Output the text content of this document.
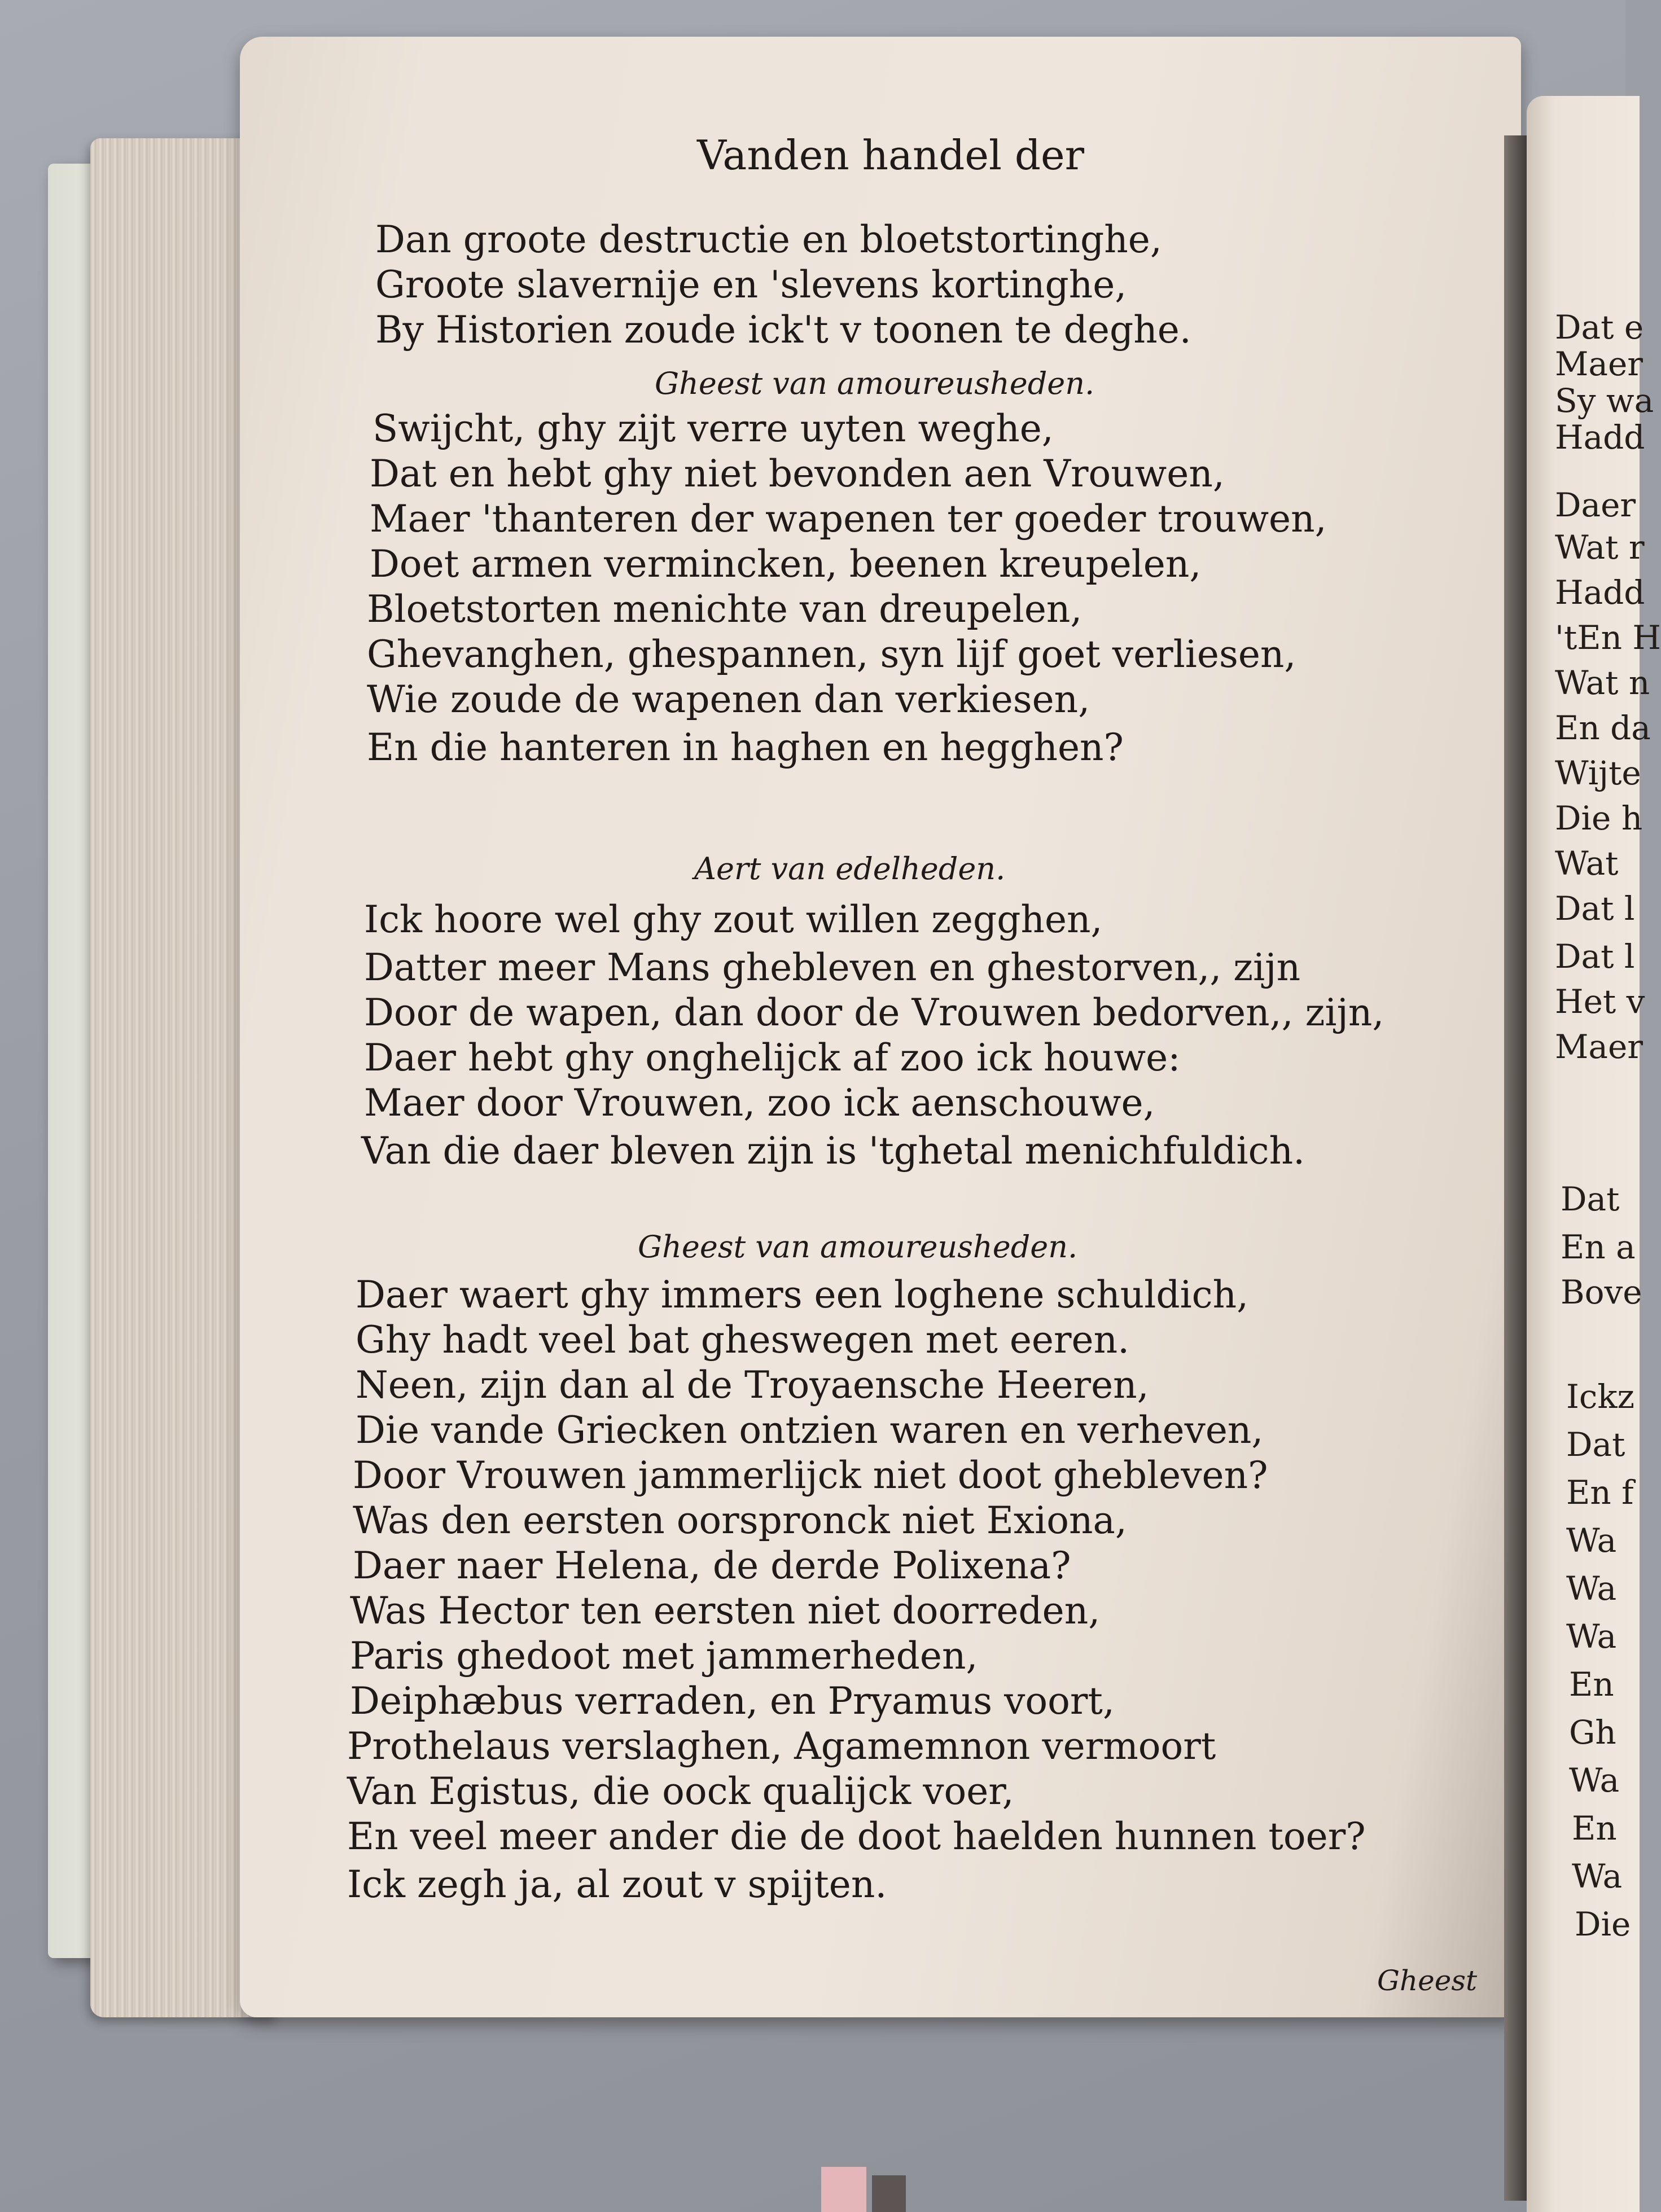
Vanden handel der
Dan groote destructie en bloetstortinghe,
Groote slavernije en 'slevens kortinghe,
By Historien zoude ick't v toonen te deghe.
Gheest van amoureusheden.
Swijcht, ghy zijt verre uyten weghe,
Dat en hebt ghy niet bevonden aen Vrouwen,
Maer 'thanteren der wapenen ter goeder trouwen,
Doet armen vermincken, beenen kreupelen,
Bloetstorten menichte van dreupelen,
Ghevanghen, ghespannen, syn lijf goet verliesen,
Wie zoude de wapenen dan verkiesen,
En die hanteren in haghen en hegghen?
Aert van edelheden.
Ick hoore wel ghy zout willen zegghen,
Datter meer Mans ghebleven en ghestorven,, zijn
Door de wapen, dan door de Vrouwen bedorven,, zijn,
Daer hebt ghy onghelijck af zoo ick houwe:
Maer door Vrouwen, zoo ick aenschouwe,
Van die daer bleven zijn is 'tghetal menichfuldich.
Gheest van amoureusheden.
Daer waert ghy immers een loghene schuldich,
Ghy hadt veel bat gheswegen met eeren.
Neen, zijn dan al de Troyaensche Heeren,
Die vande Griecken ontzien waren en verheven,
Door Vrouwen jammerlijck niet doot ghebleven?
Was den eersten oorspronck niet Exiona,
Daer naer Helena, de derde Polixena?
Was Hector ten eersten niet doorreden,
Paris ghedoot met jammerheden,
Deiphæbus verraden, en Pryamus voort,
Prothelaus verslaghen, Agamemnon vermoort
Van Egistus, die oock qualijck voer,
En veel meer ander die de doot haelden hunnen toer?
Ick zegh ja, al zout v spijten.
Gheest
Dat e
Maer
Sy wa
Hadd
Daer
Wat r
Hadd
'tEn H
Wat n
En da
Wijte
Die h
Wat
Dat l
Dat l
Het v
Maer
Dat
En a
Bove
Ickz
Dat
En f
Wa
Wa
Wa
En
Gh
Wa
En
Wa
Die
